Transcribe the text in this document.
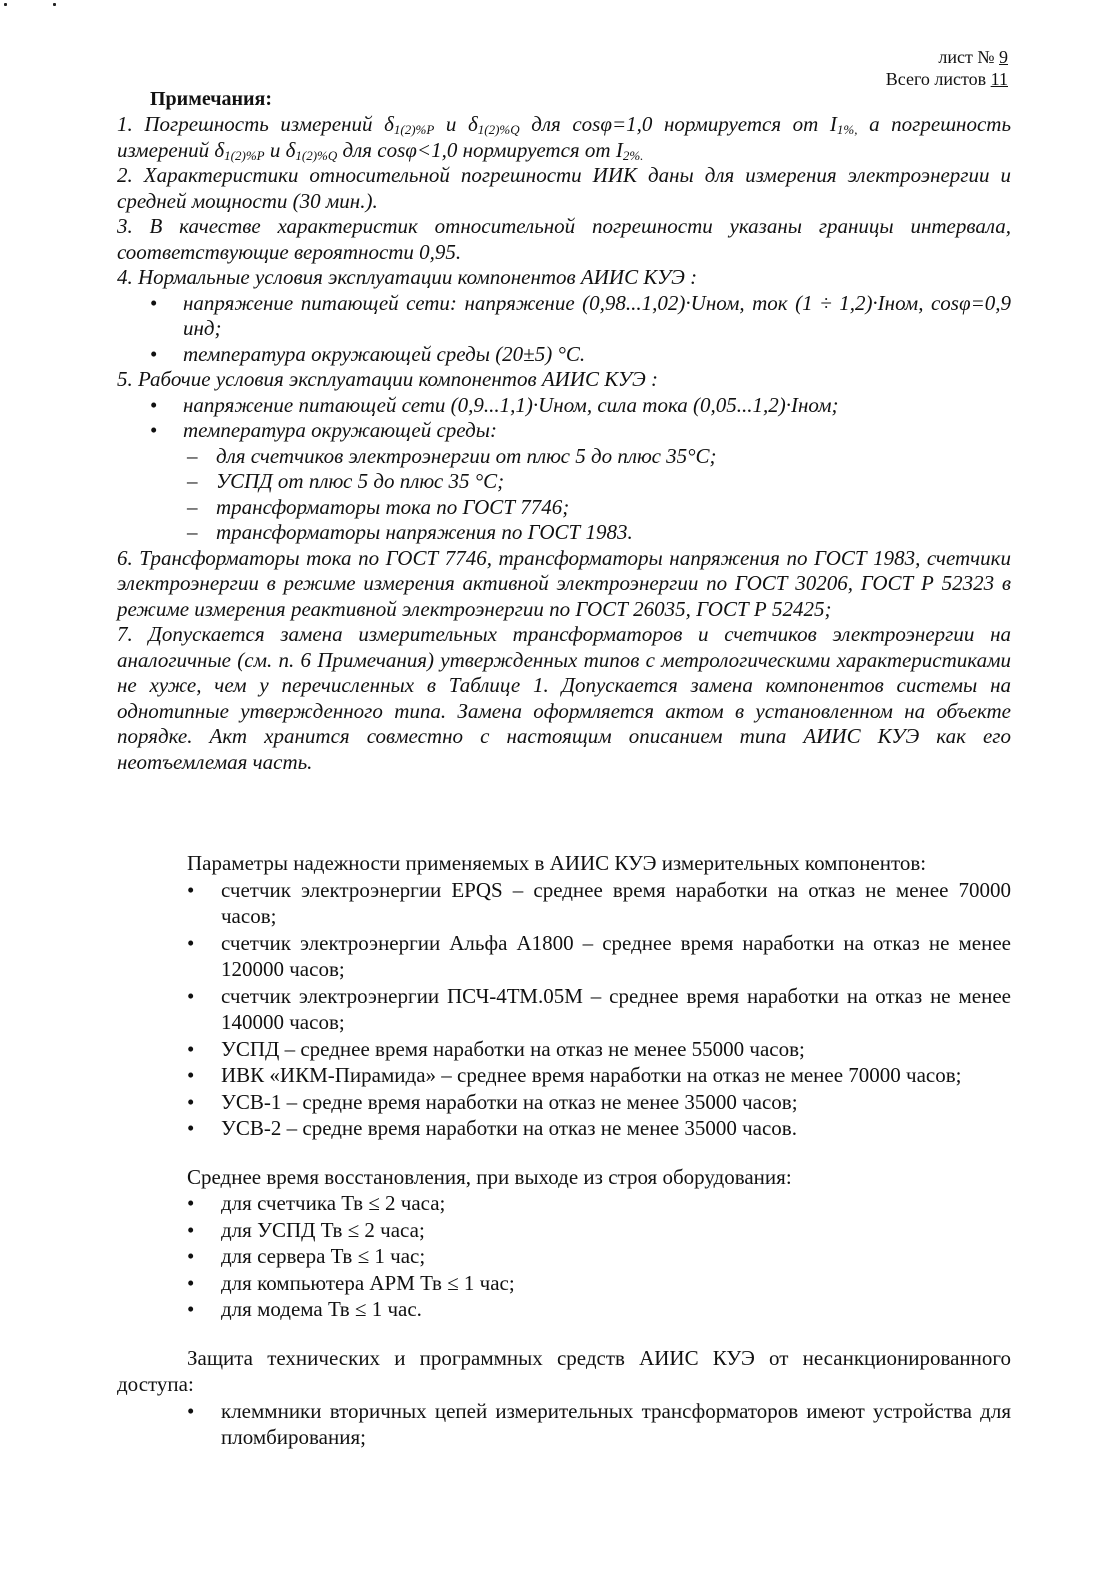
лист № 9
Всего листов 11
Примечания:

1. Погрешность измерений $\delta_{1(2)\%P}$ и $\delta_{1(2)\%Q}$ для cosφ=1,0 нормируется от $I_{1\%,}$ а погрешность измерений $\delta_{1(2)\%P}$ и $\delta_{1(2)\%Q}$ для cosφ<1,0 нормируется от $I_{2\%.}$

2. Характеристики относительной погрешности ИИК даны для измерения электроэнергии и средней мощности (30 мин.).

3. В качестве характеристик относительной погрешности указаны границы интервала, соответствующие вероятности 0,95.

4. Нормальные условия эксплуатации компонентов АИИС КУЭ :

• напряжение питающей сети: напряжение (0,98...1,02)·Uном, ток (1 ÷ 1,2)·Iном, cosφ=0,9 инд;
• температура окружающей среды (20±5) °С.

5. Рабочие условия эксплуатации компонентов АИИС КУЭ :

• напряжение питающей сети (0,9...1,1)·Uном, сила тока (0,05...1,2)·Iном;
• температура окружающей среды:
– для счетчиков электроэнергии от плюс 5 до плюс 35°С;
– УСПД от плюс 5 до плюс 35 °С;
– трансформаторы тока по ГОСТ 7746;
– трансформаторы напряжения по ГОСТ 1983.

6. Трансформаторы тока по ГОСТ 7746, трансформаторы напряжения по ГОСТ 1983, счетчики электроэнергии в режиме измерения активной электроэнергии по ГОСТ 30206, ГОСТ Р 52323 в режиме измерения реактивной электроэнергии по ГОСТ 26035, ГОСТ Р 52425;

7. Допускается замена измерительных трансформаторов и счетчиков электроэнергии на аналогичные (см. п. 6 Примечания) утвержденных типов с метрологическими характеристиками не хуже, чем у перечисленных в Таблице 1. Допускается замена компонентов системы на однотипные утвержденного типа. Замена оформляется актом в установленном на объекте порядке. Акт хранится совместно с настоящим описанием типа АИИС КУЭ как его неотъемлемая часть.

Параметры надежности применяемых в АИИС КУЭ измерительных компонентов:

• счетчик электроэнергии EPQS – среднее время наработки на отказ не менее 70000 часов;
• счетчик электроэнергии Альфа А1800 – среднее время наработки на отказ не менее 120000 часов;
• счетчик электроэнергии ПСЧ-4ТМ.05М – среднее время наработки на отказ не менее 140000 часов;
• УСПД – среднее время наработки на отказ не менее 55000 часов;
• ИВК «ИКМ-Пирамида» – среднее время наработки на отказ не менее 70000 часов;
• УСВ-1 – средне время наработки на отказ не менее 35000 часов;
• УСВ-2 – средне время наработки на отказ не менее 35000 часов.

Среднее время восстановления, при выходе из строя оборудования:

• для счетчика Тв ≤ 2 часа;
• для УСПД Тв ≤ 2 часа;
• для сервера Тв ≤ 1 час;
• для компьютера АРМ Тв ≤ 1 час;
• для модема Тв ≤ 1 час.

Защита технических и программных средств АИИС КУЭ от несанкционированного доступа:

• клеммники вторичных цепей измерительных трансформаторов имеют устройства для пломбирования;
